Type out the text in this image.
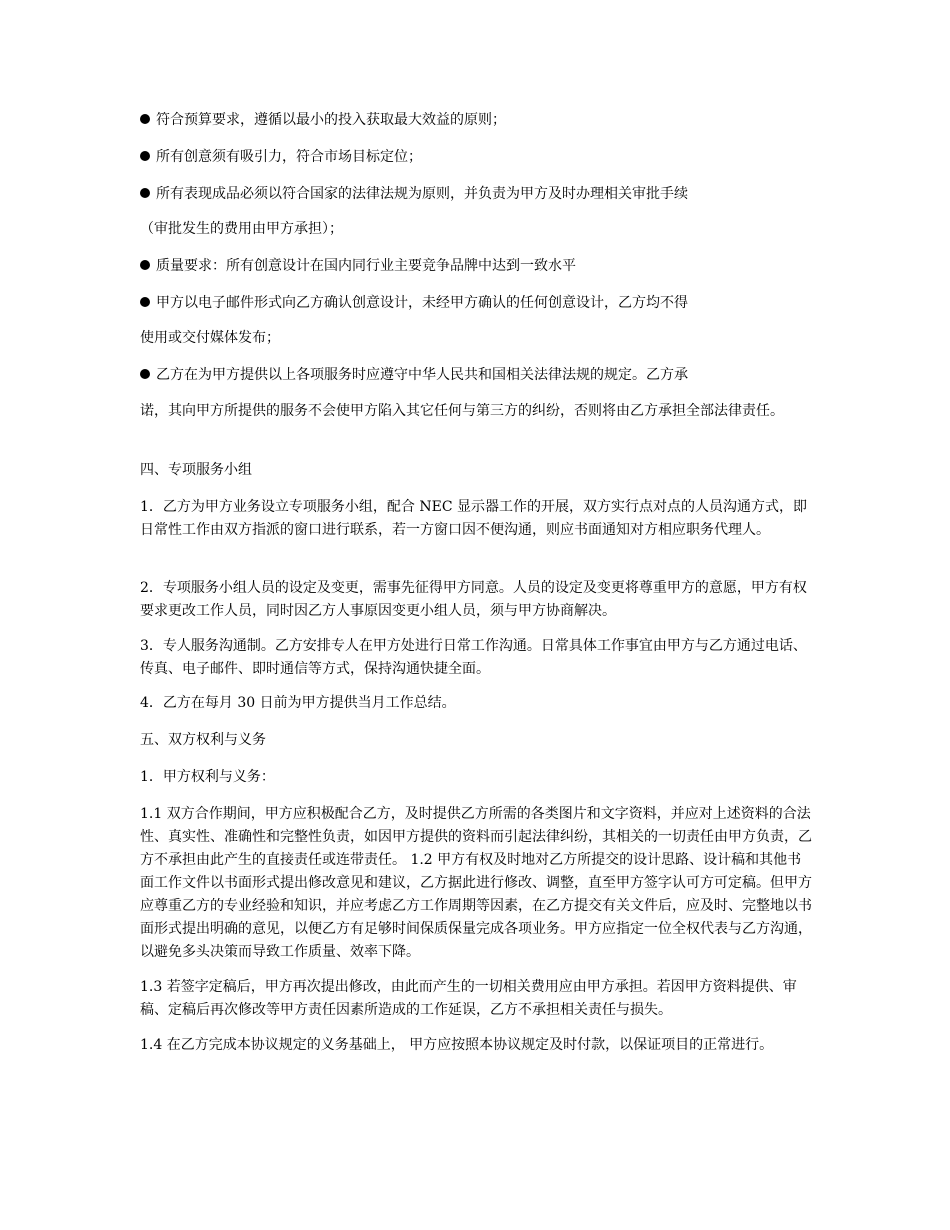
符合预算要求，遵循以最小的投入获取最大效益的原则；

所有创意须有吸引力，符合市场目标定位；

所有表现成品必须以符合国家的法律法规为原则，并负责为甲方及时办理相关审批手续

（审批发生的费用由甲方承担）；

质量要求：所有创意设计在国内同行业主要竞争品牌中达到一致水平

甲方以电子邮件形式向乙方确认创意设计，未经甲方确认的任何创意设计，乙方均不得

使用或交付媒体发布；

乙方在为甲方提供以上各项服务时应遵守中华人民共和国相关法律法规的规定。乙方承

诺，其向甲方所提供的服务不会使甲方陷入其它任何与第三方的纠纷，否则将由乙方承担全部法律责任。

四、专项服务小组

1．乙方为甲方业务设立专项服务小组，配合 NEC 显示器工作的开展，双方实行点对点的人员沟通方式，即日常性工作由双方指派的窗口进行联系，若一方窗口因不便沟通，则应书面通知对方相应职务代理人。

2．专项服务小组人员的设定及变更，需事先征得甲方同意。人员的设定及变更将尊重甲方的意愿，甲方有权要求更改工作人员，同时因乙方人事原因变更小组人员，须与甲方协商解决。

3．专人服务沟通制。乙方安排专人在甲方处进行日常工作沟通。日常具体工作事宜由甲方与乙方通过电话、传真、电子邮件、即时通信等方式，保持沟通快捷全面。

4．乙方在每月 30 日前为甲方提供当月工作总结。

五、双方权利与义务

1．甲方权利与义务：

1.1 双方合作期间，甲方应积极配合乙方，及时提供乙方所需的各类图片和文字资料，并应对上述资料的合法性、真实性、准确性和完整性负责，如因甲方提供的资料而引起法律纠纷，其相关的一切责任由甲方负责，乙方不承担由此产生的直接责任或连带责任。 1.2 甲方有权及时地对乙方所提交的设计思路、设计稿和其他书面工作文件以书面形式提出修改意见和建议，乙方据此进行修改、调整，直至甲方签字认可方可定稿。但甲方应尊重乙方的专业经验和知识，并应考虑乙方工作周期等因素，在乙方提交有关文件后，应及时、完整地以书面形式提出明确的意见，以便乙方有足够时间保质保量完成各项业务。甲方应指定一位全权代表与乙方沟通，以避免多头决策而导致工作质量、效率下降。

1.3 若签字定稿后，甲方再次提出修改，由此而产生的一切相关费用应由甲方承担。若因甲方资料提供、审稿、定稿后再次修改等甲方责任因素所造成的工作延误，乙方不承担相关责任与损失。

1.4 在乙方完成本协议规定的义务基础上， 甲方应按照本协议规定及时付款，以保证项目的正常进行。
